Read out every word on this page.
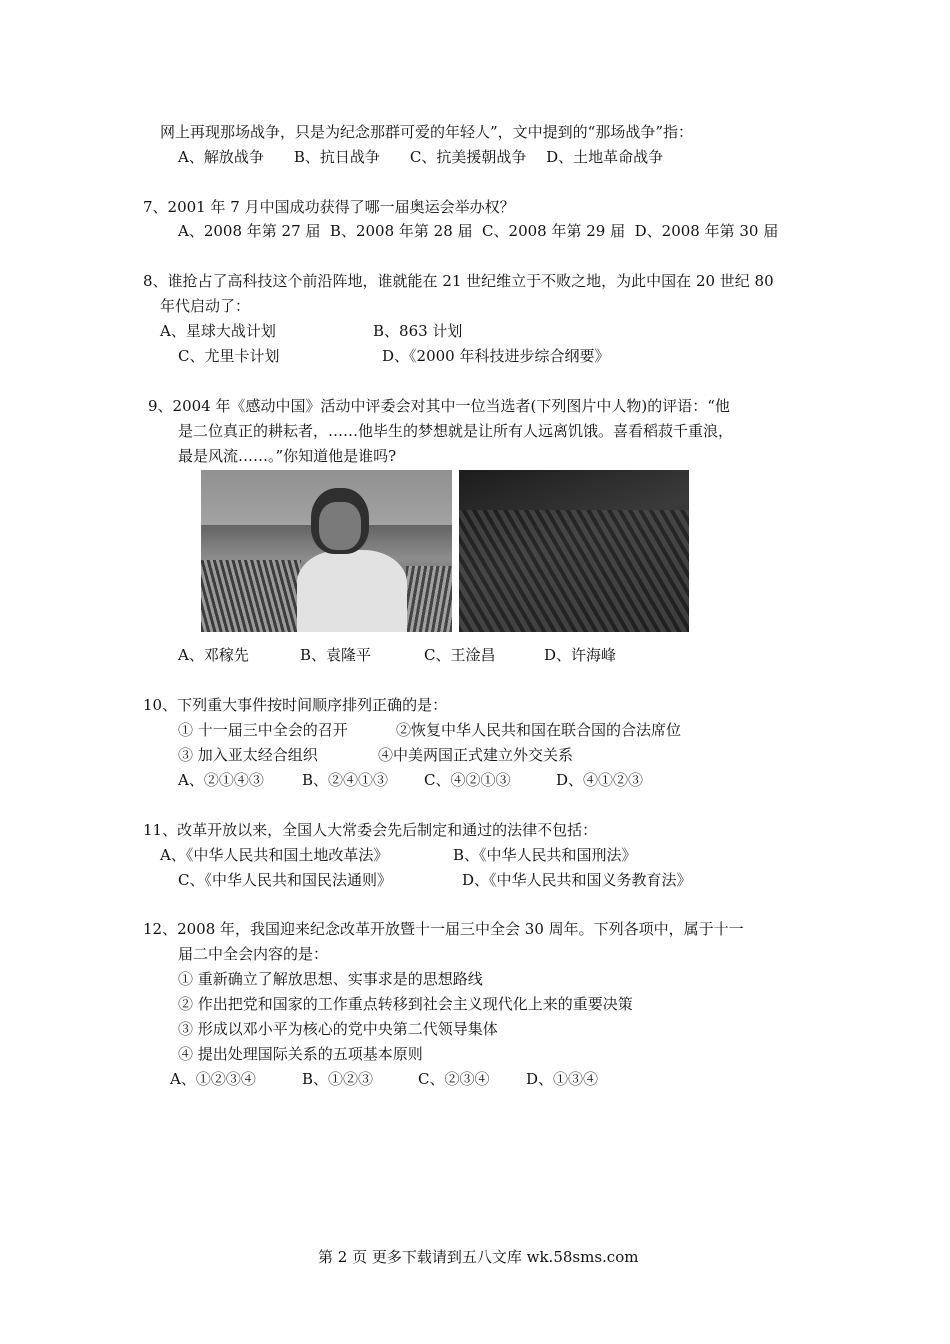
网上再现那场战争，只是为纪念那群可爱的年轻人”，文中提到的“那场战争”指：
A、解放战争　　B、抗日战争　　C、抗美援朝战争　 D、土地革命战争
7、2001 年 7 月中国成功获得了哪一届奥运会举办权？
A、2008 年第 27 届  B、2008 年第 28 届  C、2008 年第 29 届  D、2008 年第 30 届
8、谁抢占了高科技这个前沿阵地，谁就能在 21 世纪维立于不败之地，为此中国在 20 世纪 80
年代启动了：
A、星球大战计划	B、863 计划
C、尤里卡计划	D、《2000 年科技进步综合纲要》
9、2004 年《感动中国》活动中评委会对其中一位当选者(下列图片中人物)的评语：“他
是二位真正的耕耘者，……他毕生的梦想就是让所有人远离饥饿。喜看稻菽千重浪，
最是风流……。”你知道他是谁吗?
A、邓稼先	B、袁隆平	C、王淦昌	D、许海峰
10、下列重大事件按时间顺序排列正确的是：
① 十一届三中全会的召开	②恢复中华人民共和国在联合国的合法席位
③ 加入亚太经合组织	④中美两国正式建立外交关系
A、②①④③	B、②④①③ C、④②①③	D、④①②③
11、改革开放以来，全国人大常委会先后制定和通过的法律不包括：
A、《中华人民共和国土地改革法》	B、《中华人民共和国刑法》
C、《中华人民共和国民法通则》	D、《中华人民共和国义务教育法》
12、2008 年，我国迎来纪念改革开放暨十一届三中全会 30 周年。下列各项中，属于十一
届二中全会内容的是：
① 重新确立了解放思想、实事求是的思想路线
② 作出把党和国家的工作重点转移到社会主义现代化上来的重要决策
③ 形成以邓小平为核心的党中央第二代领导集体
④ 提出处理国际关系的五项基本原则
A、①②③④	B、①②③	C、②③④ D、①③④
第 2 页 更多下载请到五八文库 wk.58sms.com
